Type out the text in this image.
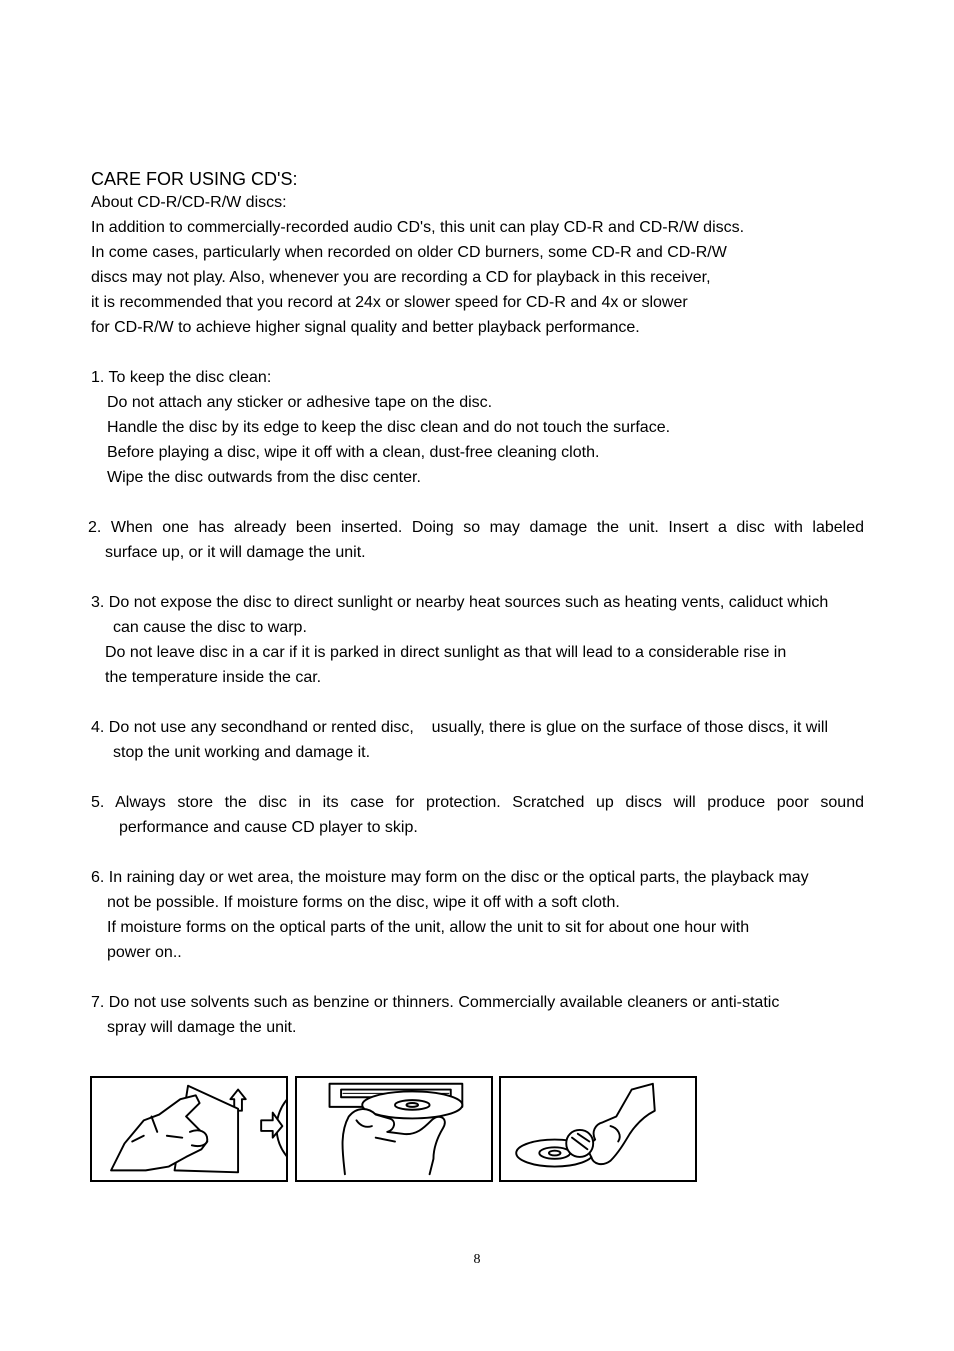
CARE FOR USING CD'S:
About CD-R/CD-R/W discs:
In addition to commercially-recorded audio CD's, this unit can play CD-R and CD-R/W discs.
In come cases, particularly when recorded on older CD burners, some CD-R and CD-R/W
discs may not play. Also, whenever you are recording a CD for playback in this receiver,
it is recommended that you record at 24x or slower speed for CD-R and 4x or slower
for CD-R/W to achieve higher signal quality and better playback performance.
1. To keep the disc clean:
Do not attach any sticker or adhesive tape on the disc.
Handle the disc by its edge to keep the disc clean and do not touch the surface.
Before playing a disc, wipe it off with a clean, dust-free cleaning cloth.
Wipe the disc outwards from the disc center.
2. When one has already been inserted. Doing so may damage the unit. Insert a disc with labeled
surface up, or it will damage the unit.
3. Do not expose the disc to direct sunlight or nearby heat sources such as heating vents, caliduct which
can cause the disc to warp.
Do not leave disc in a car if it is parked in direct sunlight as that will lead to a considerable rise in
the temperature inside the car.
4. Do not use any secondhand or rented disc,    usually, there is glue on the surface of those discs, it will
stop the unit working and damage it.
5. Always store the disc in its case for protection. Scratched up discs will produce poor sound
performance and cause CD player to skip.
6. In raining day or wet area, the moisture may form on the disc or the optical parts, the playback may
not be possible. If moisture forms on the disc, wipe it off with a soft cloth.
If moisture forms on the optical parts of the unit, allow the unit to sit for about one hour with
power on..
7. Do not use solvents such as benzine or thinners. Commercially available cleaners or anti-static
spray will damage the unit.
8
